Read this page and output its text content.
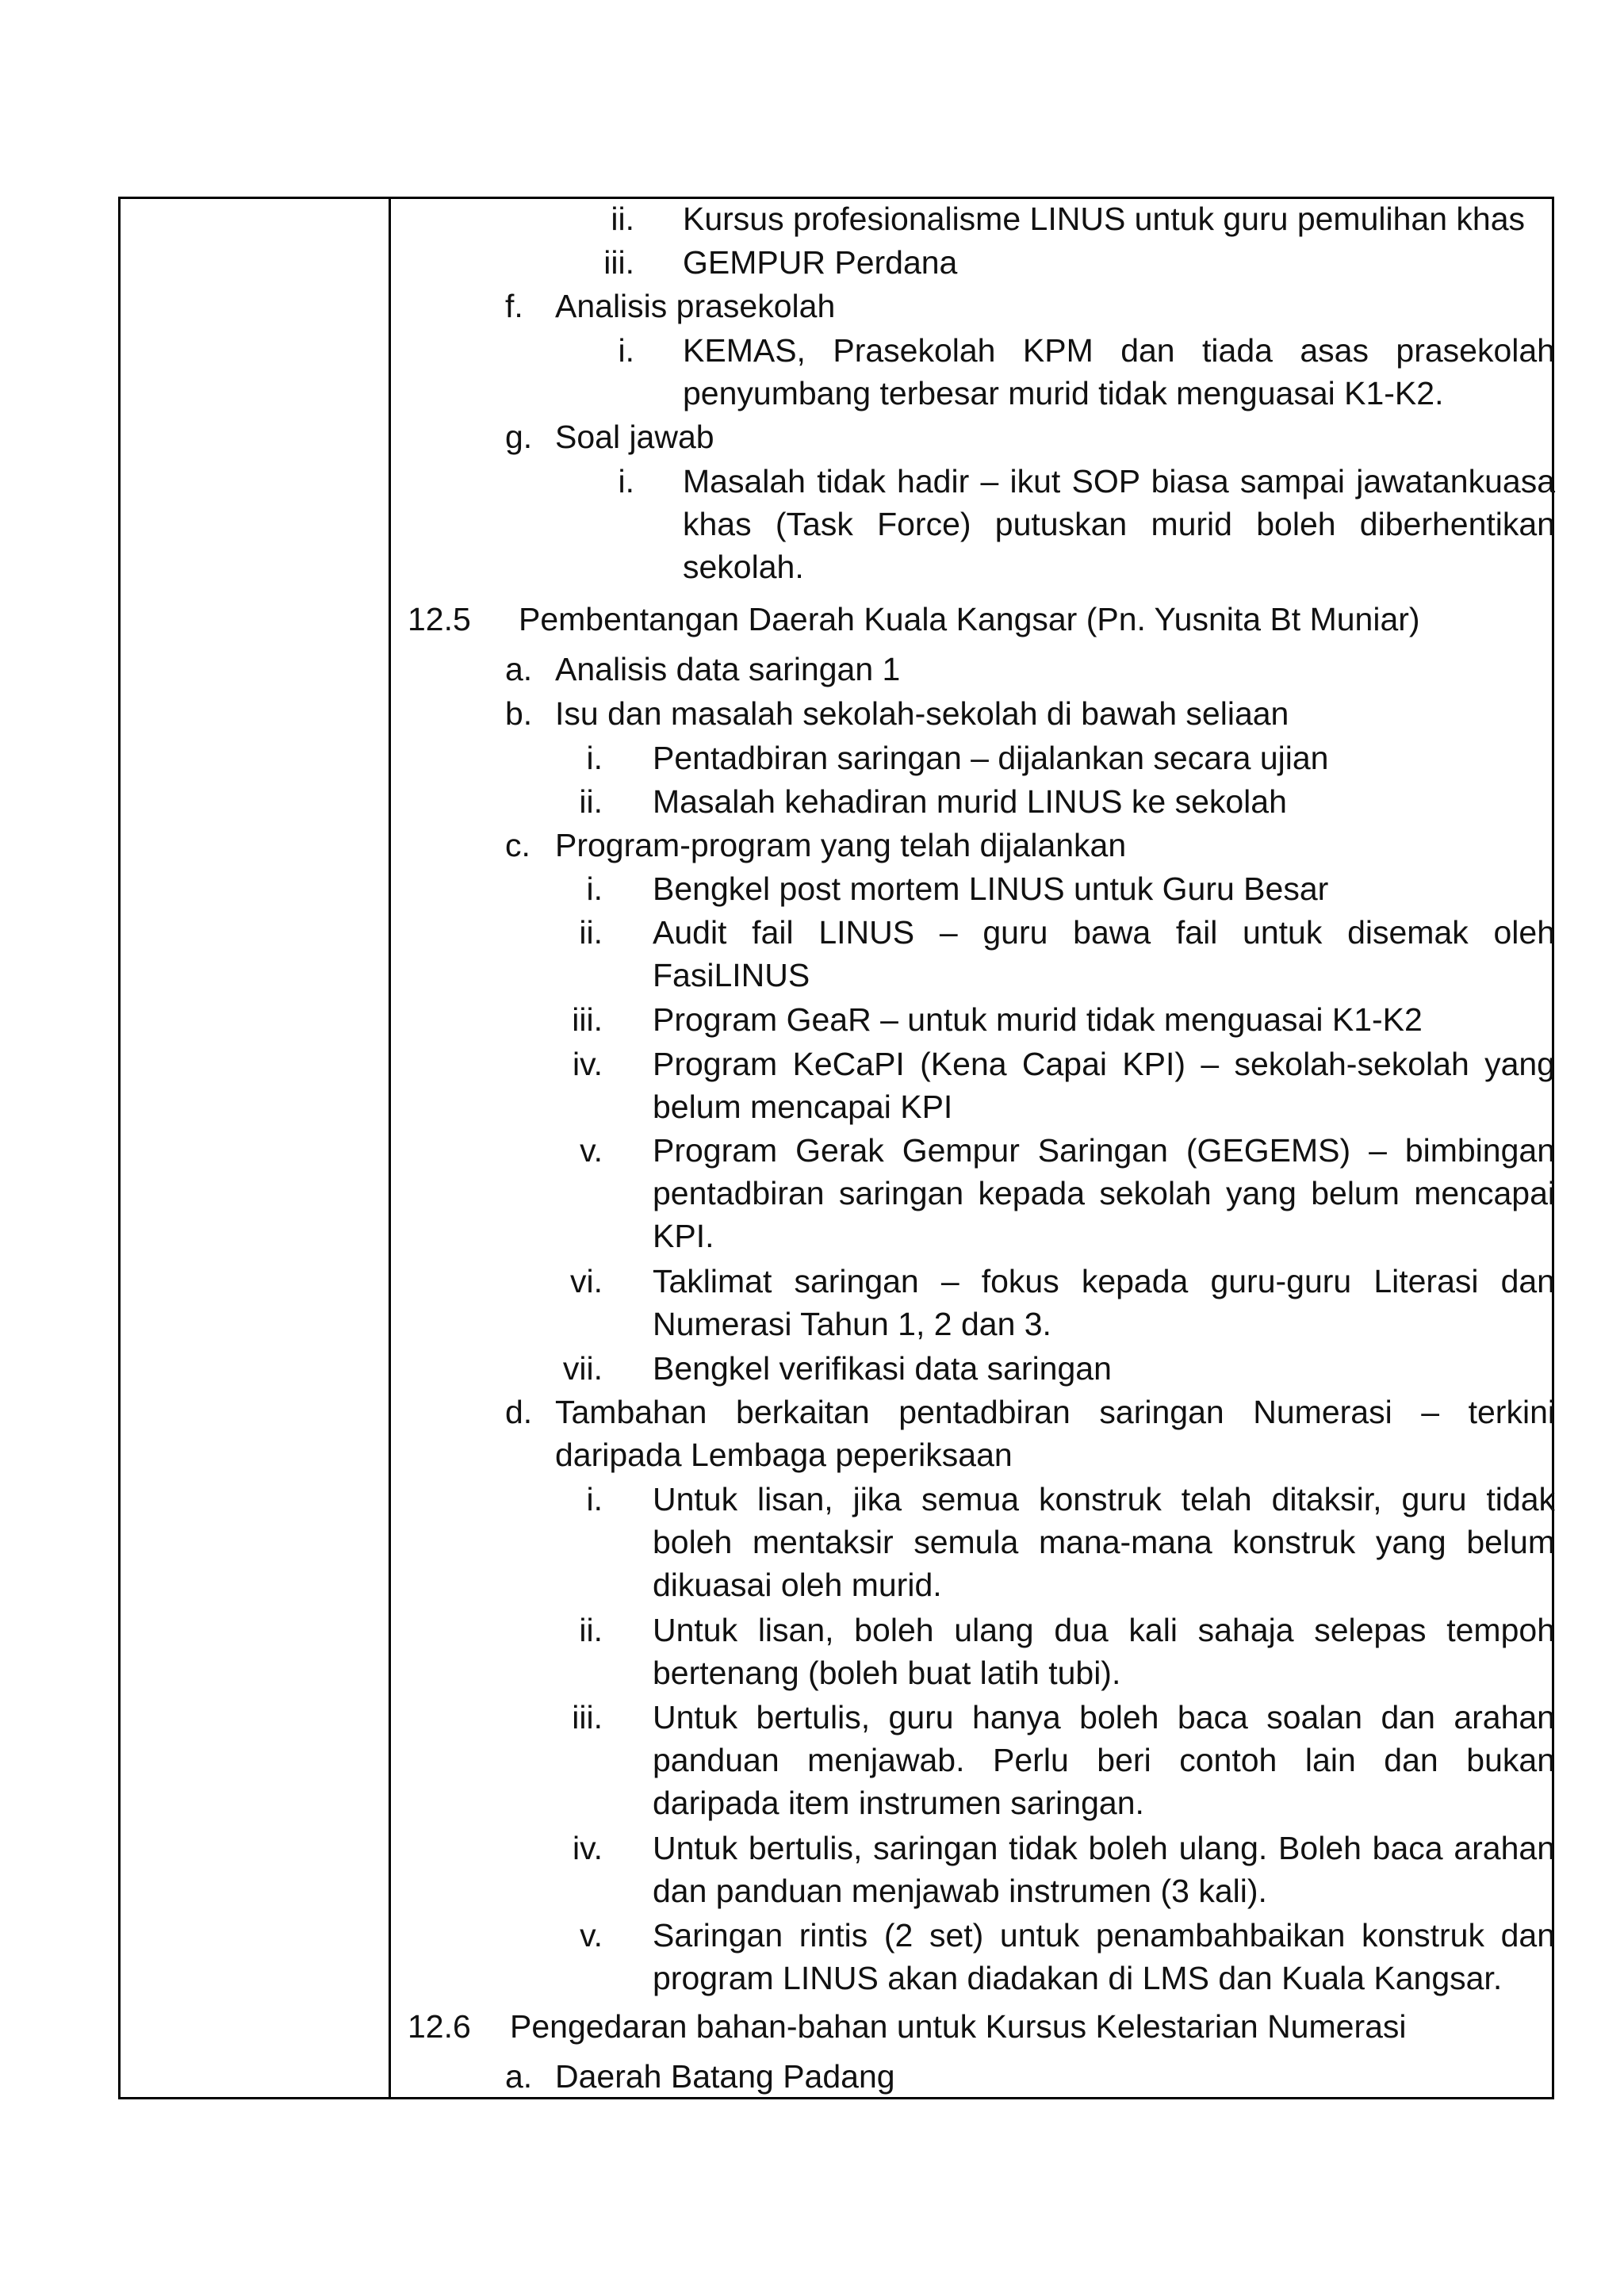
ii. Kursus profesionalisme LINUS untuk guru pemulihan khas
iii. GEMPUR Perdana
f. Analisis prasekolah
i. KEMAS, Prasekolah KPM dan tiada asas prasekolah penyumbang terbesar murid tidak menguasai K1-K2.
g. Soal jawab
i. Masalah tidak hadir – ikut SOP biasa sampai jawatankuasa khas (Task Force) putuskan murid boleh diberhentikan sekolah.
12.5 Pembentangan Daerah Kuala Kangsar (Pn. Yusnita Bt Muniar)
a. Analisis data saringan 1
b. Isu dan masalah sekolah-sekolah di bawah seliaan
i. Pentadbiran saringan – dijalankan secara ujian
ii. Masalah kehadiran murid LINUS ke sekolah
c. Program-program yang telah dijalankan
i. Bengkel post mortem LINUS untuk Guru Besar
ii. Audit fail LINUS – guru bawa fail untuk disemak oleh FasiLINUS
iii. Program GeaR – untuk murid tidak menguasai K1-K2
iv. Program KeCaPI (Kena Capai KPI) – sekolah-sekolah yang belum mencapai KPI
v. Program Gerak Gempur Saringan (GEGEMS) – bimbingan pentadbiran saringan kepada sekolah yang belum mencapai KPI.
vi. Taklimat saringan – fokus kepada guru-guru Literasi dan Numerasi Tahun 1, 2 dan 3.
vii. Bengkel verifikasi data saringan
d. Tambahan berkaitan pentadbiran saringan Numerasi – terkini daripada Lembaga peperiksaan
i. Untuk lisan, jika semua konstruk telah ditaksir, guru tidak boleh mentaksir semula mana-mana konstruk yang belum dikuasai oleh murid.
ii. Untuk lisan, boleh ulang dua kali sahaja selepas tempoh bertenang (boleh buat latih tubi).
iii. Untuk bertulis, guru hanya boleh baca soalan dan arahan panduan menjawab. Perlu beri contoh lain dan bukan daripada item instrumen saringan.
iv. Untuk bertulis, saringan tidak boleh ulang. Boleh baca arahan dan panduan menjawab instrumen (3 kali).
v. Saringan rintis (2 set) untuk penambahbaikan konstruk dan program LINUS akan diadakan di LMS dan Kuala Kangsar.
12.6 Pengedaran bahan-bahan untuk Kursus Kelestarian Numerasi
a. Daerah Batang Padang
